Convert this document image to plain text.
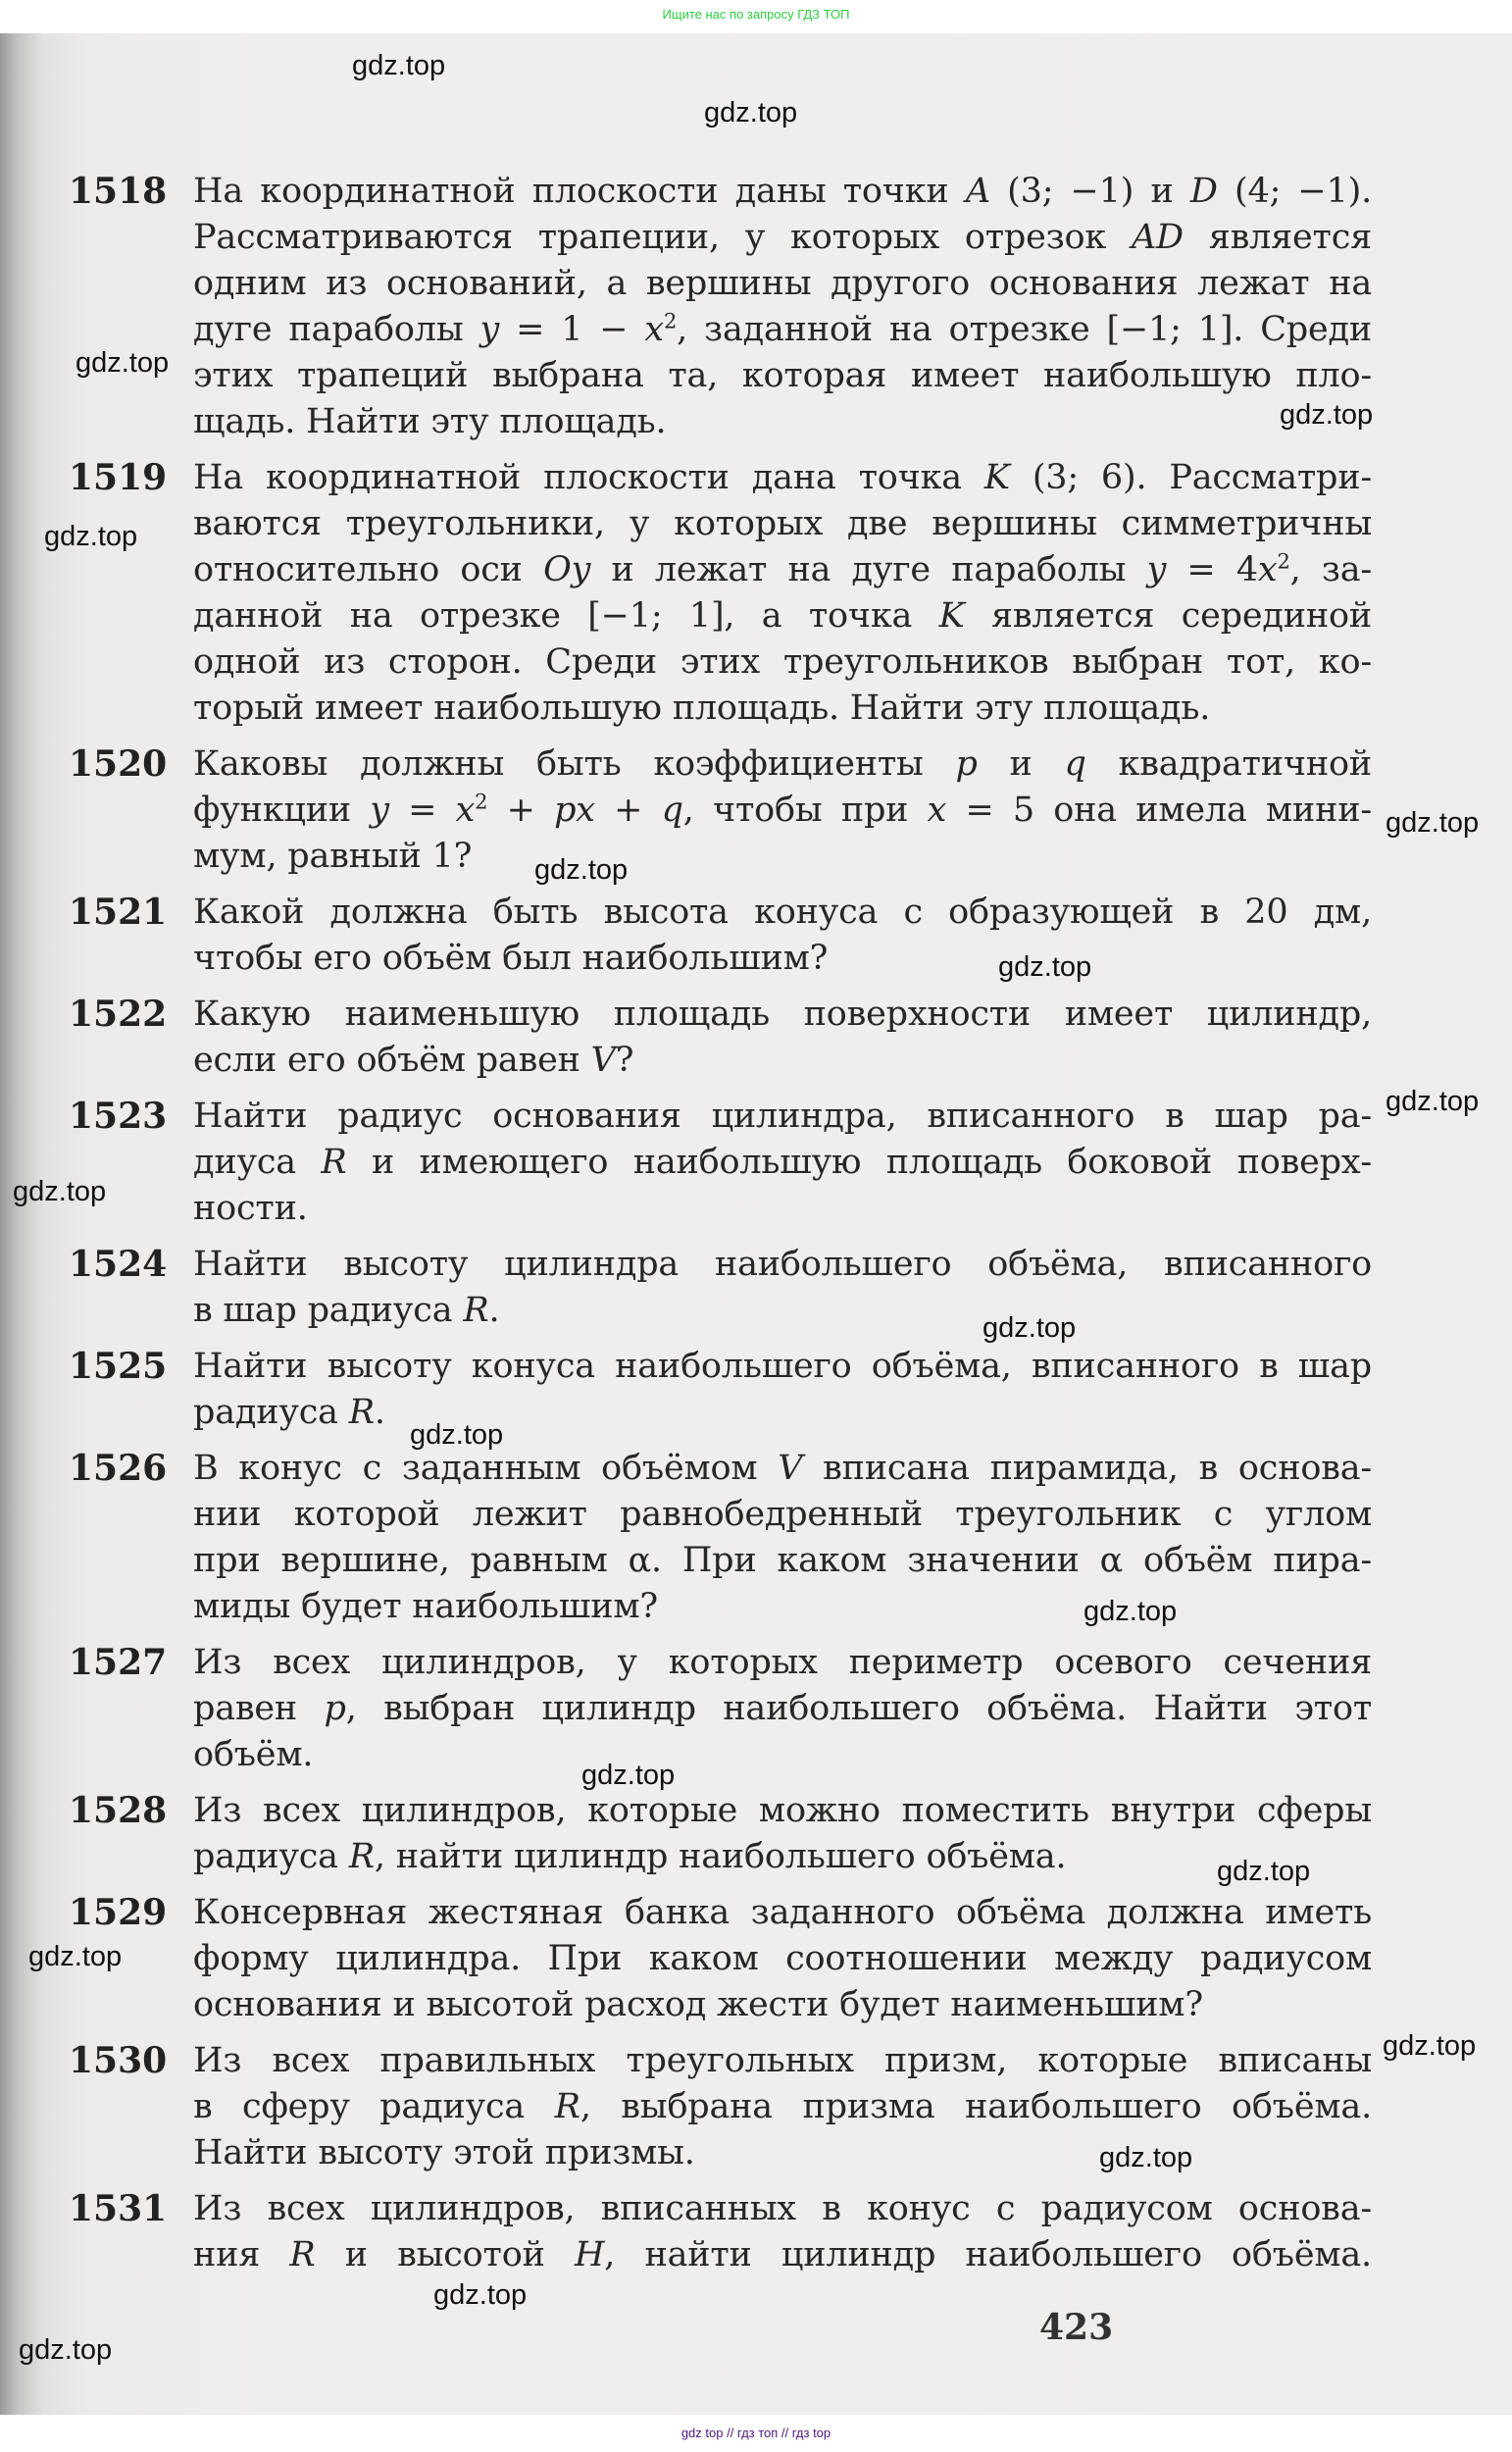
Ищите нас по запросу ГДЗ ТОП
1518 На координатной плоскости даны точки A (3; −1) и D (4; −1).
Рассматриваются трапеции, у которых отрезок AD является
одним из оснований, а вершины другого основания лежат на
дуге параболы $y = 1 - x^2$, заданной на отрезке [−1; 1]. Среди
этих трапеций выбрана та, которая имеет наибольшую пло-
щадь. Найти эту площадь.
1519 На координатной плоскости дана точка K (3; 6). Рассматри-
ваются треугольники, у которых две вершины симметричны
относительно оси Oy и лежат на дуге параболы $y = 4x^2$, за-
данной на отрезке [−1; 1], а точка K является серединой
одной из сторон. Среди этих треугольников выбран тот, ко-
торый имеет наибольшую площадь. Найти эту площадь.
1520 Каковы должны быть коэффициенты p и q квадратичной
функции $y = x^2$ + px + q, чтобы при x = 5 она имела мини-
мум, равный 1?
1521 Какой должна быть высота конуса с образующей в 20 дм,
чтобы его объём был наибольшим?
1522 Какую наименьшую площадь поверхности имеет цилиндр,
если его объём равен V?
1523 Найти радиус основания цилиндра, вписанного в шар ра-
диуса R и имеющего наибольшую площадь боковой поверх-
ности.
1524 Найти высоту цилиндра наибольшего объёма, вписанного
в шар радиуса R.
1525 Найти высоту конуса наибольшего объёма, вписанного в шар
радиуса R.
1526 В конус с заданным объёмом V вписана пирамида, в основа-
нии которой лежит равнобедренный треугольник с углом
при вершине, равным α. При каком значении α объём пира-
миды будет наибольшим?
1527 Из всех цилиндров, у которых периметр осевого сечения
равен p, выбран цилиндр наибольшего объёма. Найти этот
объём.
1528 Из всех цилиндров, которые можно поместить внутри сферы
радиуса R, найти цилиндр наибольшего объёма.
1529 Консервная жестяная банка заданного объёма должна иметь
форму цилиндра. При каком соотношении между радиусом
основания и высотой расход жести будет наименьшим?
1530 Из всех правильных треугольных призм, которые вписаны
в сферу радиуса R, выбрана призма наибольшего объёма.
Найти высоту этой призмы.
1531 Из всех цилиндров, вписанных в конус с радиусом основа-
ния R и высотой H, найти цилиндр наибольшего объёма.
423
gdz.top
gdz.top
gdz.top
gdz.top
gdz.top
gdz.top
gdz.top
gdz.top
gdz.top
gdz.top
gdz.top
gdz.top
gdz.top
gdz.top
gdz.top
gdz.top
gdz.top
gdz.top
gdz.top
gdz.top
gdz top // гдз топ // гдз top
